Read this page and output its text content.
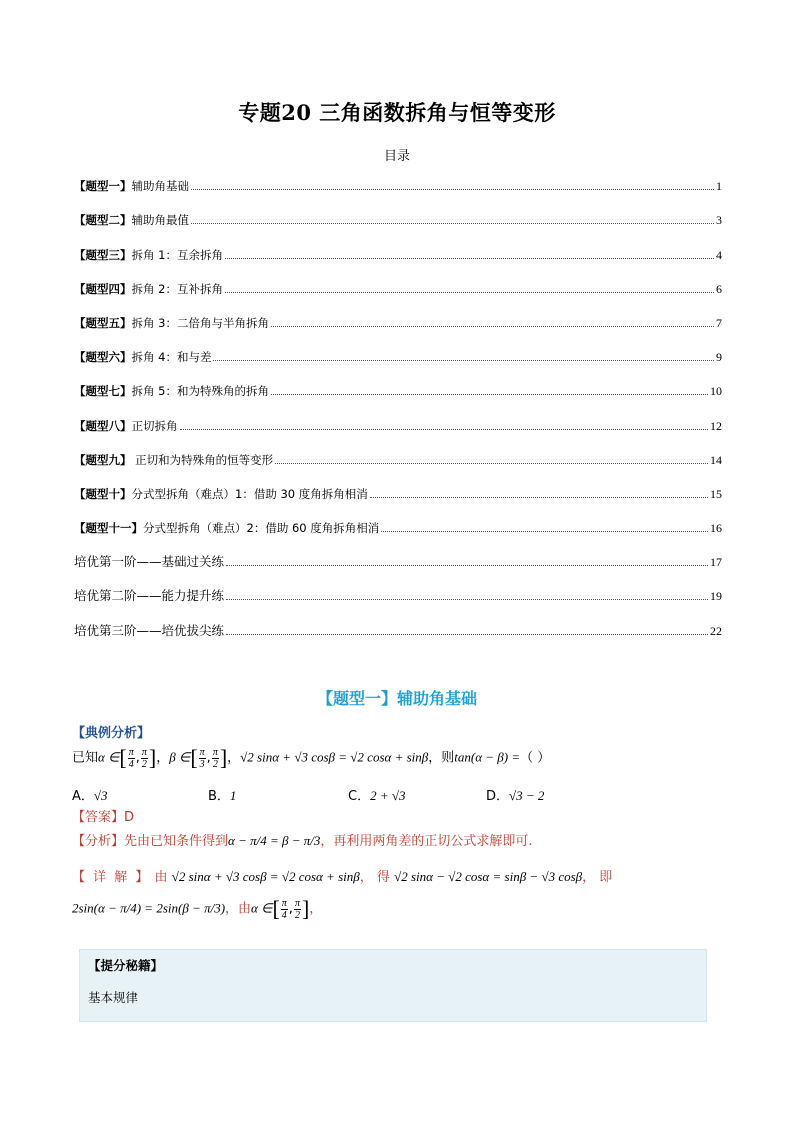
专题20 三角函数拆角与恒等变形
目录
【题型一】辅助角基础	1
【题型二】辅助角最值	3
【题型三】拆角 1：互余拆角	4
【题型四】拆角 2：互补拆角	6
【题型五】拆角 3：二倍角与半角拆角	7
【题型六】拆角 4：和与差	9
【题型七】拆角 5：和为特殊角的拆角	10
【题型八】正切拆角	12
【题型九】 正切和为特殊角的恒等变形	14
【题型十】分式型拆角（难点）1：借助 30 度角拆角相消	15
【题型十一】分式型拆角（难点）2：借助 60 度角拆角相消	16
培优第一阶——基础过关练	17
培优第二阶——能力提升练	19
培优第三阶——培优拔尖练	22
【题型一】辅助角基础
【典例分析】
已知α ∈[ $\frac{\pi}{4}$ , $\frac{\pi}{2}$ ]，β ∈[ $\frac{\pi}{3}$ , $\frac{\pi}{2}$ ]，√2 sinα + √3 cosβ = √2 cosα + sinβ，则tan(α − β) =（ ）
A．√3	B．1	C．2 + √3	D．√3 − 2
【答案】D
【分析】先由已知条件得到α − π/4 = β − π/3，再利用两角差的正切公式求解即可.
【 详 解 】 由 √2 sinα + √3 cosβ = √2 cosα + sinβ， 得 √2 sinα − √2 cosα = sinβ − √3 cosβ， 即
2sin(α − π/4) = 2sin(β − π/3)，由α ∈[ $\frac{\pi}{4}$ , $\frac{\pi}{2}$ ]，
【提分秘籍】
基本规律
